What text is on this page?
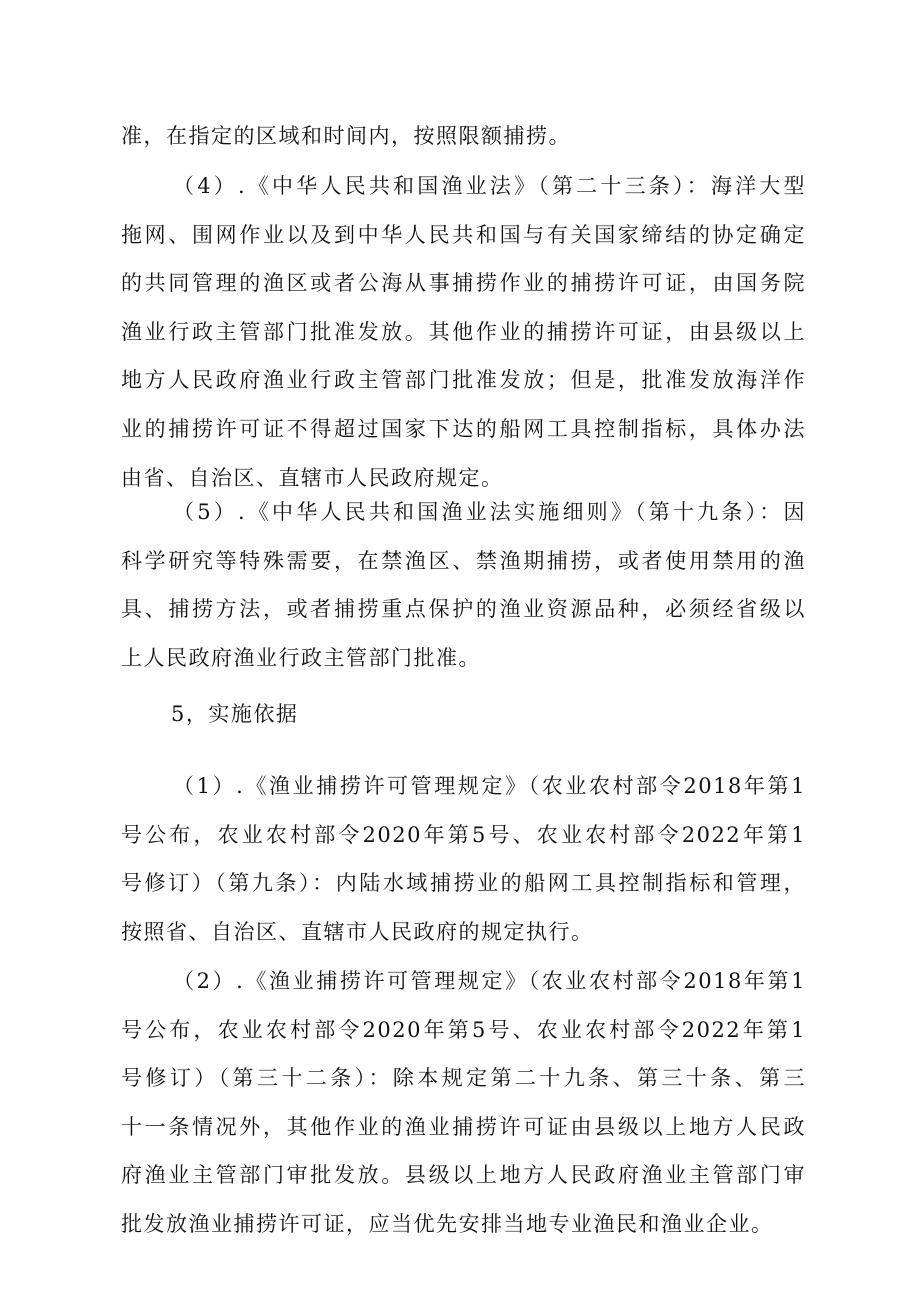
准，在指定的区域和时间内，按照限额捕捞。
（4）.《中华人民共和国渔业法》（第二十三条）：海洋大型
拖网、围网作业以及到中华人民共和国与有关国家缔结的协定确定
的共同管理的渔区或者公海从事捕捞作业的捕捞许可证，由国务院
渔业行政主管部门批准发放。其他作业的捕捞许可证，由县级以上
地方人民政府渔业行政主管部门批准发放；但是，批准发放海洋作
业的捕捞许可证不得超过国家下达的船网工具控制指标，具体办法
由省、自治区、直辖市人民政府规定。
（5）.《中华人民共和国渔业法实施细则》（第十九条）：因
科学研究等特殊需要，在禁渔区、禁渔期捕捞，或者使用禁用的渔
具、捕捞方法，或者捕捞重点保护的渔业资源品种，必须经省级以
上人民政府渔业行政主管部门批准。
5，实施依据
（1）.《渔业捕捞许可管理规定》（农业农村部令2018年第1
号公布，农业农村部令2020年第5号、农业农村部令2022年第1
号修订）（第九条）：内陆水域捕捞业的船网工具控制指标和管理，
按照省、自治区、直辖市人民政府的规定执行。
（2）.《渔业捕捞许可管理规定》（农业农村部令2018年第1
号公布，农业农村部令2020年第5号、农业农村部令2022年第1
号修订）（第三十二条）：除本规定第二十九条、第三十条、第三
十一条情况外，其他作业的渔业捕捞许可证由县级以上地方人民政
府渔业主管部门审批发放。县级以上地方人民政府渔业主管部门审
批发放渔业捕捞许可证，应当优先安排当地专业渔民和渔业企业。
